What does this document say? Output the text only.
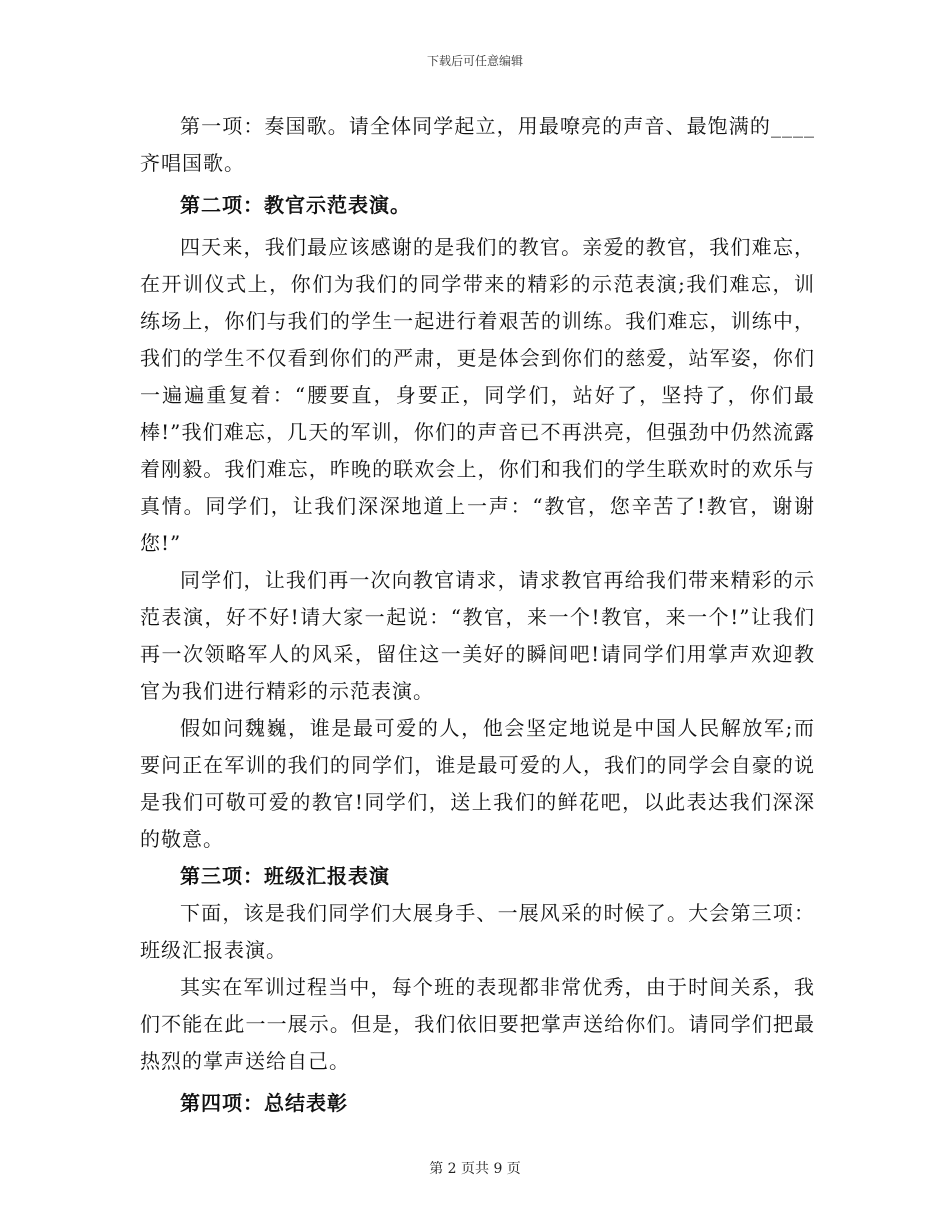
下载后可任意编辑

第一项：奏国歌。请全体同学起立，用最嘹亮的声音、最饱满的____齐唱国歌。

第二项：教官示范表演。

四天来，我们最应该感谢的是我们的教官。亲爱的教官，我们难忘，在开训仪式上，你们为我们的同学带来的精彩的示范表演;我们难忘，训练场上，你们与我们的学生一起进行着艰苦的训练。我们难忘，训练中，我们的学生不仅看到你们的严肃，更是体会到你们的慈爱，站军姿，你们一遍遍重复着：“腰要直，身要正，同学们，站好了，坚持了，你们最棒!”我们难忘，几天的军训，你们的声音已不再洪亮，但强劲中仍然流露着刚毅。我们难忘，昨晚的联欢会上，你们和我们的学生联欢时的欢乐与真情。同学们，让我们深深地道上一声：“教官，您辛苦了!教官，谢谢您!”

同学们，让我们再一次向教官请求，请求教官再给我们带来精彩的示范表演，好不好!请大家一起说：“教官，来一个!教官，来一个!”让我们再一次领略军人的风采，留住这一美好的瞬间吧!请同学们用掌声欢迎教官为我们进行精彩的示范表演。

假如问魏巍，谁是最可爱的人，他会坚定地说是中国人民解放军;而要问正在军训的我们的同学们，谁是最可爱的人，我们的同学会自豪的说是我们可敬可爱的教官!同学们，送上我们的鲜花吧，以此表达我们深深的敬意。

第三项：班级汇报表演

下面，该是我们同学们大展身手、一展风采的时候了。大会第三项：班级汇报表演。

其实在军训过程当中，每个班的表现都非常优秀，由于时间关系，我们不能在此一一展示。但是，我们依旧要把掌声送给你们。请同学们把最热烈的掌声送给自己。

第四项：总结表彰

第 2 页共 9 页
